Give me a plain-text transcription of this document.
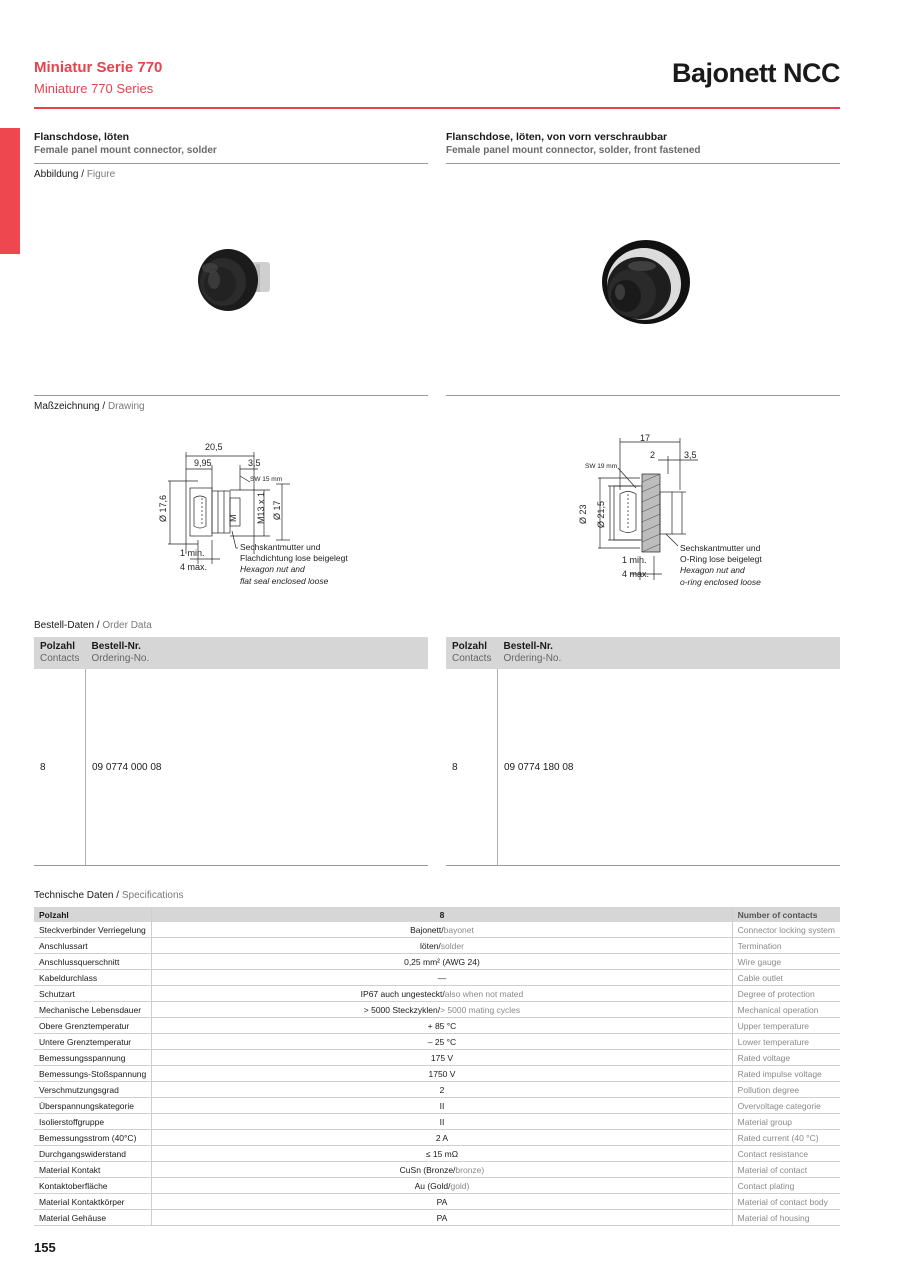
Miniatur Serie 770
Miniature 770 Series
Bajonett NCC
Flanschdose, löten
Female panel mount connector, solder
Flanschdose, löten, von vorn verschraubbar
Female panel mount connector, solder, front fastened
Abbildung / Figure
Maßzeichnung / Drawing
20,5
9,95	3,5
SW 15 mm
Ø 17,6	M M13 x 1 Ø 17
1 min.
4 max.
Sechskantmutter und
Flachdichtung lose beigelegt
Hexagon nut and
flat seal enclosed loose
17
2	3,5
SW 19 mm
Ø 23 Ø 21,5
1 min.
4 max.
Sechskantmutter und
O-Ring lose beigelegt
Hexagon nut and
o-ring enclosed loose
Bestell-Daten / Order Data
Polzahl
Contacts	Bestell-Nr.
Ordering-No.
8	09 0774 000 08
Polzahl
Contacts	Bestell-Nr.
Ordering-No.
8	09 0774 180 08
Technische Daten / Specifications
Polzahl	8	Number of contacts
Steckverbinder Verriegelung	Bajonett/bayonet	Connector locking system
Anschlussart	löten/solder	Termination
Anschlussquerschnitt	0,25 mm² (AWG 24)	Wire gauge
Kabeldurchlass	—	Cable outlet
Schutzart	IP67 auch ungesteckt/also when not mated	Degree of protection
Mechanische Lebensdauer	> 5000 Steckzyklen/> 5000 mating cycles	Mechanical operation
Obere Grenztemperatur	+ 85 °C	Upper temperature
Untere Grenztemperatur	– 25 °C	Lower temperature
Bemessungsspannung	175 V	Rated voltage
Bemessungs-Stoßspannung	1750 V	Rated impulse voltage
Verschmutzungsgrad	2	Pollution degree
Überspannungskategorie	II	Overvoltage categorie
Isolierstoffgruppe	II	Material group
Bemessungsstrom (40°C)	2 A	Rated current (40 °C)
Durchgangswiderstand	≤ 15 mΩ	Contact resistance
Material Kontakt	CuSn (Bronze/bronze)	Material of contact
Kontaktoberfläche	Au (Gold/gold)	Contact plating
Material Kontaktkörper	PA	Material of contact body
Material Gehäuse	PA	Material of housing
155
